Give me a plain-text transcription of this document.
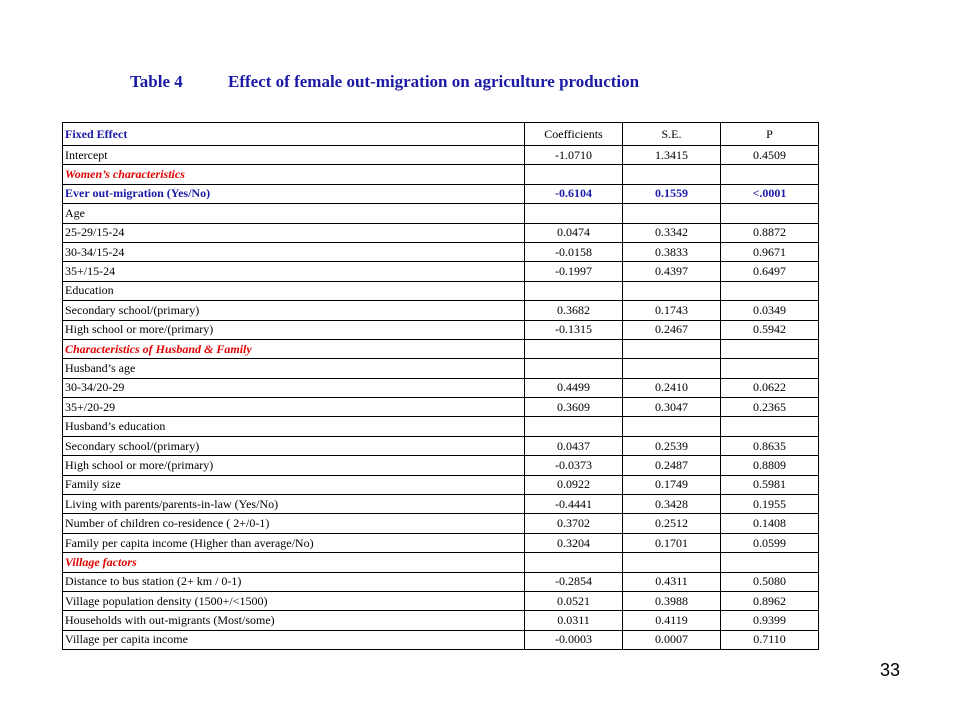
Table 4	Effect of female out-migration on agriculture production
Fixed Effect	Coefficients	S.E.	P
Intercept	-1.0710	1.3415	0.4509
Women’s characteristics			
Ever out-migration (Yes/No)	-0.6104	0.1559	<.0001
Age			
25-29/15-24	0.0474	0.3342	0.8872
30-34/15-24	-0.0158	0.3833	0.9671
35+/15-24	-0.1997	0.4397	0.6497
Education			
Secondary school/(primary)	0.3682	0.1743	0.0349
High school or more/(primary)	-0.1315	0.2467	0.5942
Characteristics of Husband & Family			
Husband’s age			
30-34/20-29	0.4499	0.2410	0.0622
35+/20-29	0.3609	0.3047	0.2365
Husband’s education			
Secondary school/(primary)	0.0437	0.2539	0.8635
High school or more/(primary)	-0.0373	0.2487	0.8809
Family size	0.0922	0.1749	0.5981
Living with parents/parents-in-law (Yes/No)	-0.4441	0.3428	0.1955
Number of children co-residence ( 2+/0-1)	0.3702	0.2512	0.1408
Family per capita income (Higher than average/No)	0.3204	0.1701	0.0599
Village factors			
Distance to bus station (2+ km / 0-1)	-0.2854	0.4311	0.5080
Village population density (1500+/<1500)	0.0521	0.3988	0.8962
Households with out-migrants (Most/some)	0.0311	0.4119	0.9399
Village per capita income	-0.0003	0.0007	0.7110
33
